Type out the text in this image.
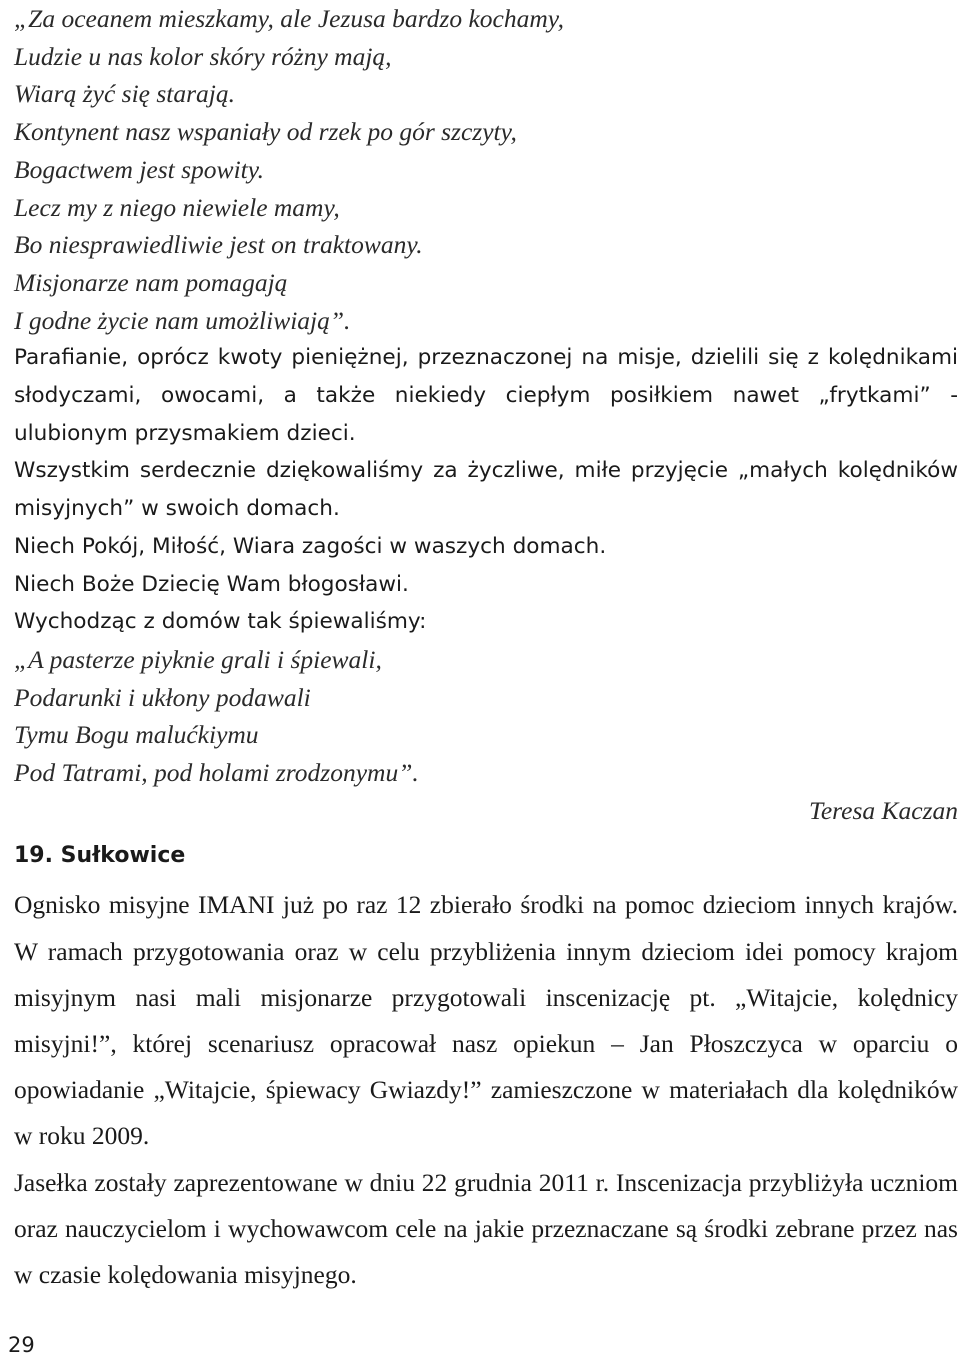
„Za oceanem mieszkamy, ale Jezusa bardzo kochamy,
Ludzie u nas kolor skóry różny mają,
Wiarą żyć się starają.
Kontynent nasz wspaniały od rzek po gór szczyty,
Bogactwem jest spowity.
Lecz my z niego niewiele mamy,
Bo niesprawiedliwie jest on traktowany.
Misjonarze nam pomagają
I godne życie nam umożliwiają”.

Parafianie, oprócz kwoty pieniężnej, przeznaczonej na misje, dzielili się z kolędnikami słodyczami, owocami, a także niekiedy ciepłym posiłkiem nawet „frytkami” - ulubionym przysmakiem dzieci.

Wszystkim serdecznie dziękowaliśmy za życzliwe, miłe przyjęcie „małych kolędników misyjnych” w swoich domach.

Niech Pokój, Miłość, Wiara zagości w waszych domach.

Niech Boże Dziecię Wam błogosławi.

Wychodząc z domów tak śpiewaliśmy:

„A pasterze piyknie grali i śpiewali,
Podarunki i ukłony podawali
Tymu Bogu malućkiymu
Pod Tatrami, pod holami zrodzonymu”.
Teresa Kaczan
19. Sułkowice

Ognisko misyjne IMANI już po raz 12 zbierało środki na pomoc dzieciom innych krajów. W ramach przygotowania oraz w celu przybliżenia innym dzieciom idei pomocy krajom misyjnym nasi mali misjonarze przygotowali inscenizację pt. „Witajcie, kolędnicy misyjni!”, której scenariusz opracował nasz opiekun – Jan Płoszczyca w oparciu o opowiadanie „Witajcie, śpiewacy Gwiazdy!” zamieszczone w materiałach dla kolędników w roku 2009.

Jasełka zostały zaprezentowane w dniu 22 grudnia 2011 r. Inscenizacja przybliżyła uczniom oraz nauczycielom i wychowawcom cele na jakie przeznaczane są środki zebrane przez nas w czasie kolędowania misyjnego.

29
